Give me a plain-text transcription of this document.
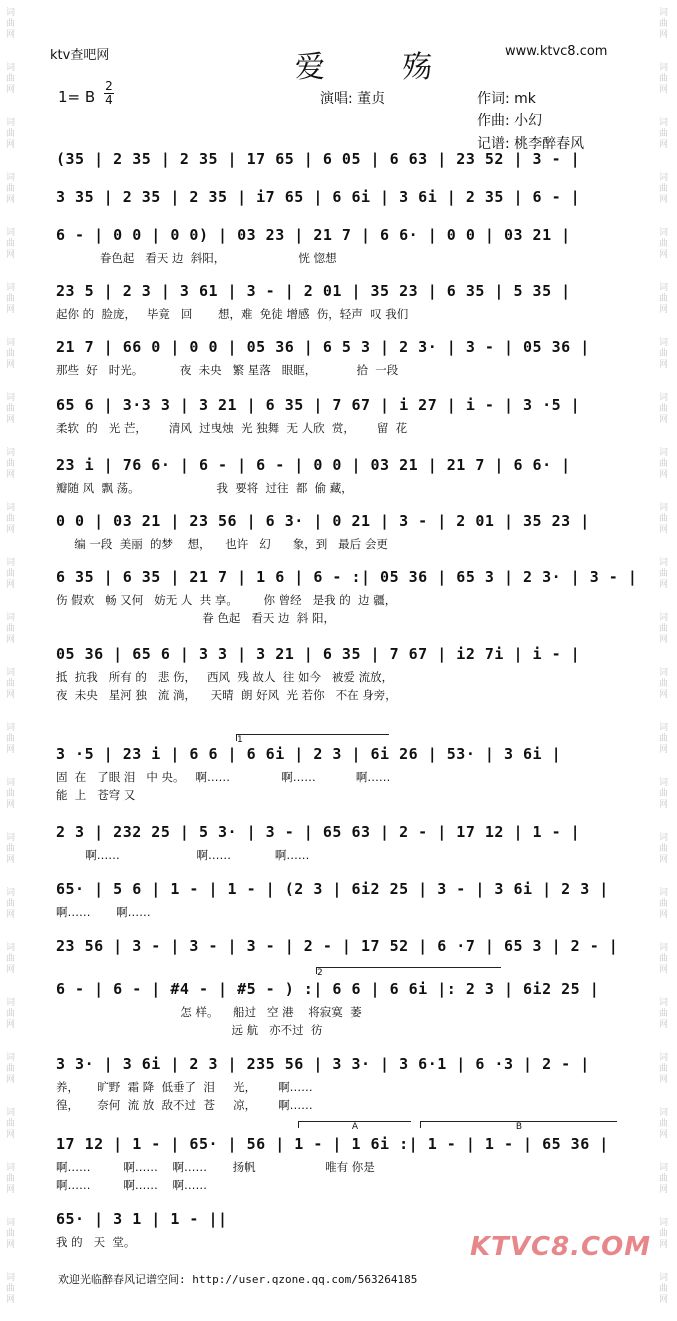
词曲网
词曲网
词曲网
词曲网
词曲网
词曲网
词曲网
词曲网
词曲网
词曲网
词曲网
词曲网
词曲网
词曲网
词曲网
词曲网
词曲网
词曲网
词曲网
词曲网
词曲网
词曲网
词曲网
词曲网
词曲网
词曲网
词曲网
词曲网
词曲网
词曲网
词曲网
词曲网
词曲网
词曲网
词曲网
词曲网
词曲网
词曲网
词曲网
词曲网
词曲网
词曲网
词曲网
词曲网
词曲网
词曲网
词曲网
词曲网
ktv查吧网	www.ktvc8.com
爱 殇
1= B
2
4	演唱: 董贞	作词: mk
作曲: 小幻
记谱: 桃李醉春风
(35 | 2 35 | 2 35 | 17 65 | 6 05 | 6 63 | 23 52 | 3 - |
3 35 | 2 35 | 2 35 | i7 65 | 6 6i | 3 6i | 2 35 | 6 - |
6 - | 0 0 | 0 0) | 03 23 | 21 7 | 6 6· | 0 0 | 03 21 |
眷色起   看天 边  斜阳，                    恍 惚想
23 5 | 2 3 | 3 61 | 3 - | 2 01 | 35 23 | 6 35 | 5 35 |
起你 的  脸庞，   毕竟   回       想，难  免徒 增感  伤，轻声  叹 我们
21 7 | 66 0 | 0 0 | 05 36 | 6 5 3 | 2 3· | 3 - | 05 36 |
那些  好   时光。          夜  未央   繁 星落   眼眶，           拾  一段
65 6 | 3·3 3 | 3 21 | 6 35 | 7 67 | i 27 | i - | 3 ·5 |
柔软  的   光 芒，      清风  过曳烛  光 独舞  无 人欣  赏，      留  花
23 i | 76 6· | 6 - | 6 - | 0 0 | 03 21 | 21 7 | 6 6· |
瓣随 风  飘 荡。                     我  要将  过往  都  偷 藏，
0 0 | 03 21 | 23 56 | 6 3· | 0 21 | 3 - | 2 01 | 35 23 |
编 一段  美丽  的梦    想，    也许   幻      象，到   最后 会更
6 35 | 6 35 | 21 7 | 1 6 | 6 - :| 05 36 | 65 3 | 2 3· | 3 - |
伤 假欢   畅 又何   妨无 人  共 享。       你 曾经   是我 的  边 疆，
眷 色起   看天 边  斜 阳，
05 36 | 65 6 | 3 3 | 3 21 | 6 35 | 7 67 | i2 7i | i - |
抵  抗我   所有 的   悲 伤，   西风  残 故人  往 如今   被爱 流放，
夜  未央   星河 独   流 淌，    天晴  朗 好风  光 若你   不在 身旁，
3 ·5 | 23 i | 6 6 | 6 6i | 2 3 | 6i 26 | 53· | 3 6i |
固  在   了眼 泪   中 央。   啊……              啊……           啊……
能  上   苍穹 又
2 3 | 232 25 | 5 3· | 3 - | 65 63 | 2 - | 17 12 | 1 - |
啊……                     啊……            啊……
65· | 5 6 | 1 - | 1 - | (2 3 | 6i2 25 | 3 - | 3 6i | 2 3 |
啊……       啊……
23 56 | 3 - | 3 - | 3 - | 2 - | 17 52 | 6 ·7 | 65 3 | 2 - |
6 - | 6 - | #4 - | #5 - ) :| 6 6 | 6 6i |: 2 3 | 6i2 25 |
怎 样。    船过   空 港    将寂寞  萎
远 航   亦不过  彷
3 3· | 3 6i | 2 3 | 235 56 | 3 3· | 3 6·1 | 6 ·3 | 2 - |
养，     旷野  霜 降  低垂了  泪     光，      啊……
徨，     奈何  流 放  敌不过  苍     凉，      啊……
17 12 | 1 - | 65· | 56 | 1 - | 1 6i :| 1 - | 1 - | 65 36 |
啊……         啊……    啊……       扬帆                   唯有 你是
啊……         啊……    啊……
65· | 3 1 | 1 - ||
我 的   天  堂。
1
2
A	B
KTVC8.COM
欢迎光临醉春风记谱空间: http://user.qzone.qq.com/563264185
